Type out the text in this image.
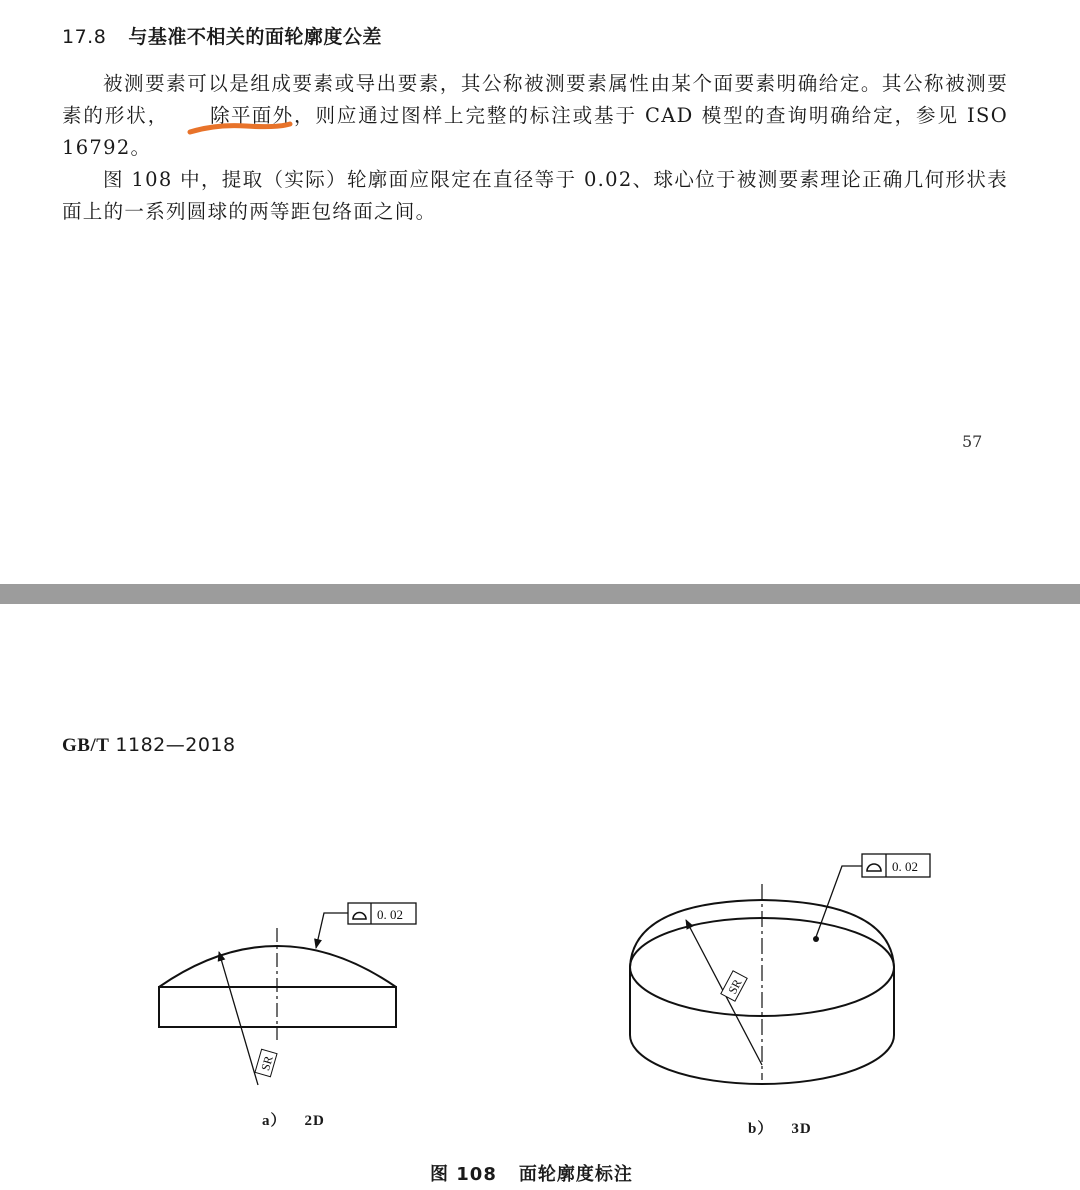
17.8 与基准不相关的面轮廓度公差
被测要素可以是组成要素或导出要素，其公称被测要素属性由某个面要素明确给定。其公称被测要素的形状， 除平面外，则应通过图样上完整的标注或基于 CAD 模型的查询明确给定，参见 ISO 16792。
图 108 中，提取（实际）轮廓面应限定在直径等于 0.02、球心位于被测要素理论正确几何形状表面上的一系列圆球的两等距包络面之间。
57
GB/T 1182—2018
0. 02
SR
0. 02
SR
a） 2D	b） 3D
图 108 面轮廓度标注
